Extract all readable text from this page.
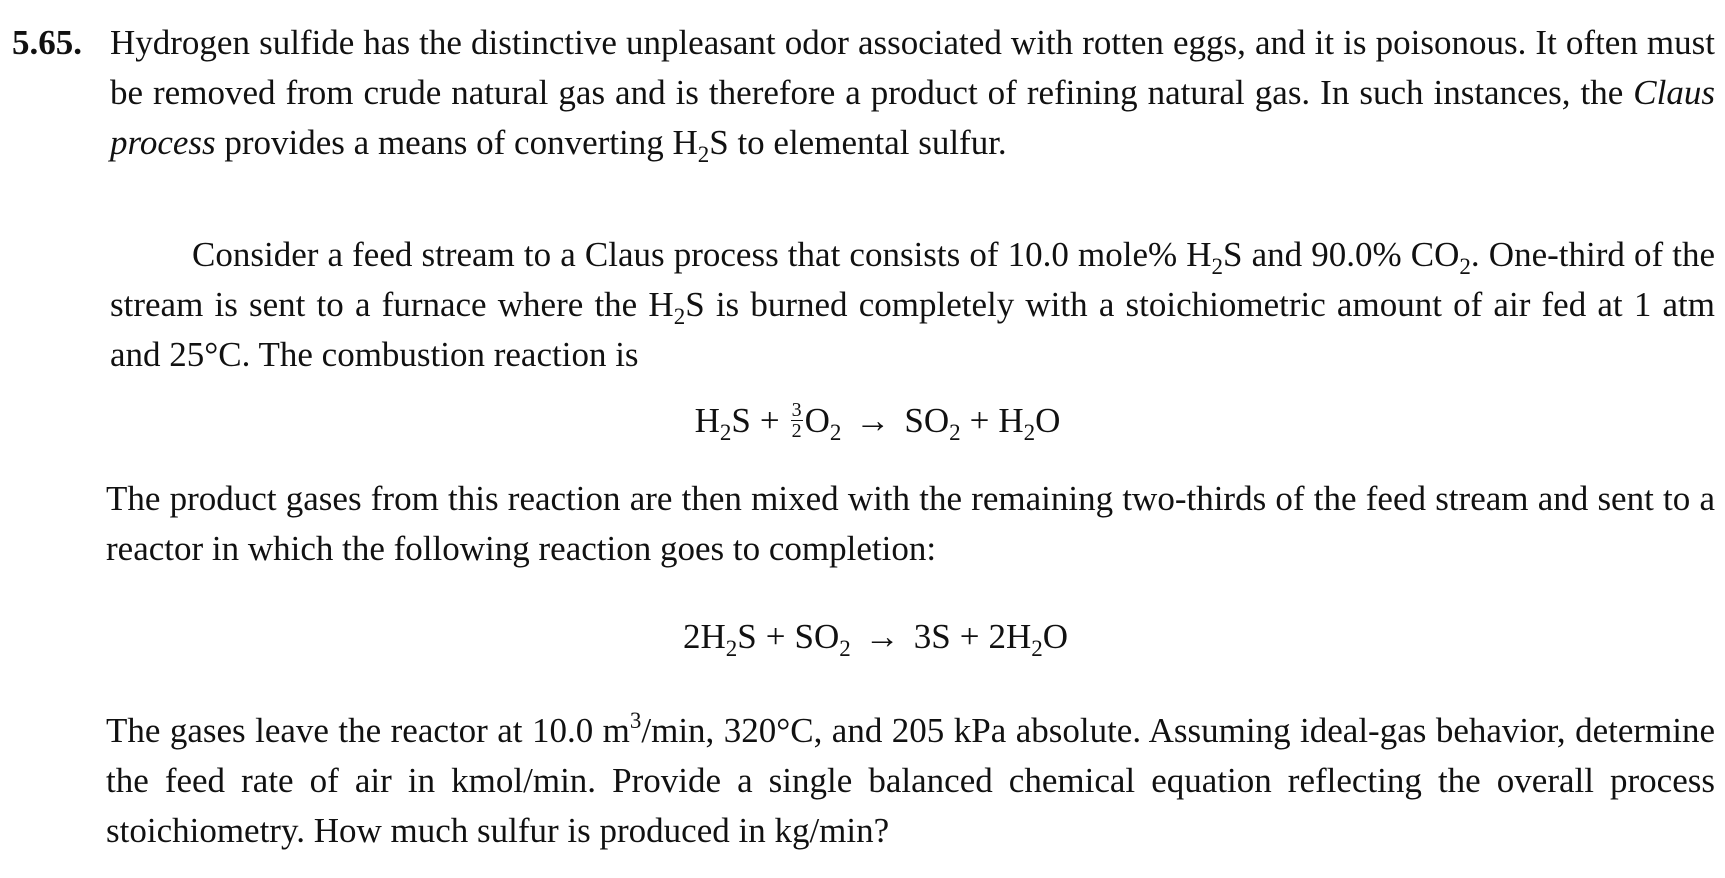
5.65. Hydrogen sulfide has the distinctive unpleasant odor associated with rotten eggs, and it is poisonous. It often must be removed from crude natural gas and is therefore a product of refining natural gas. In such instances, the Claus process provides a means of converting $H_2S$ to elemental sulfur.

Consider a feed stream to a Claus process that consists of 10.0 mole% $H_2S$ and 90.0% $CO_2$. One-third of the stream is sent to a furnace where the $H_2S$ is burned completely with a stoichiometric amount of air fed at 1 atm and 25°C. The combustion reaction is

$H_2S + \frac{3}{2} O_2 \to SO_2 + H_2O$

The product gases from this reaction are then mixed with the remaining two-thirds of the feed stream and sent to a reactor in which the following reaction goes to completion:

$2H_2S + SO_2 \to 3S + 2H_2O$

The gases leave the reactor at 10.0 $m^3/\min$, 320°C, and 205 kPa absolute. Assuming ideal-gas behavior, determine the feed rate of air in kmol/min. Provide a single balanced chemical equation reflecting the overall process stoichiometry. How much sulfur is produced in kg/min?
